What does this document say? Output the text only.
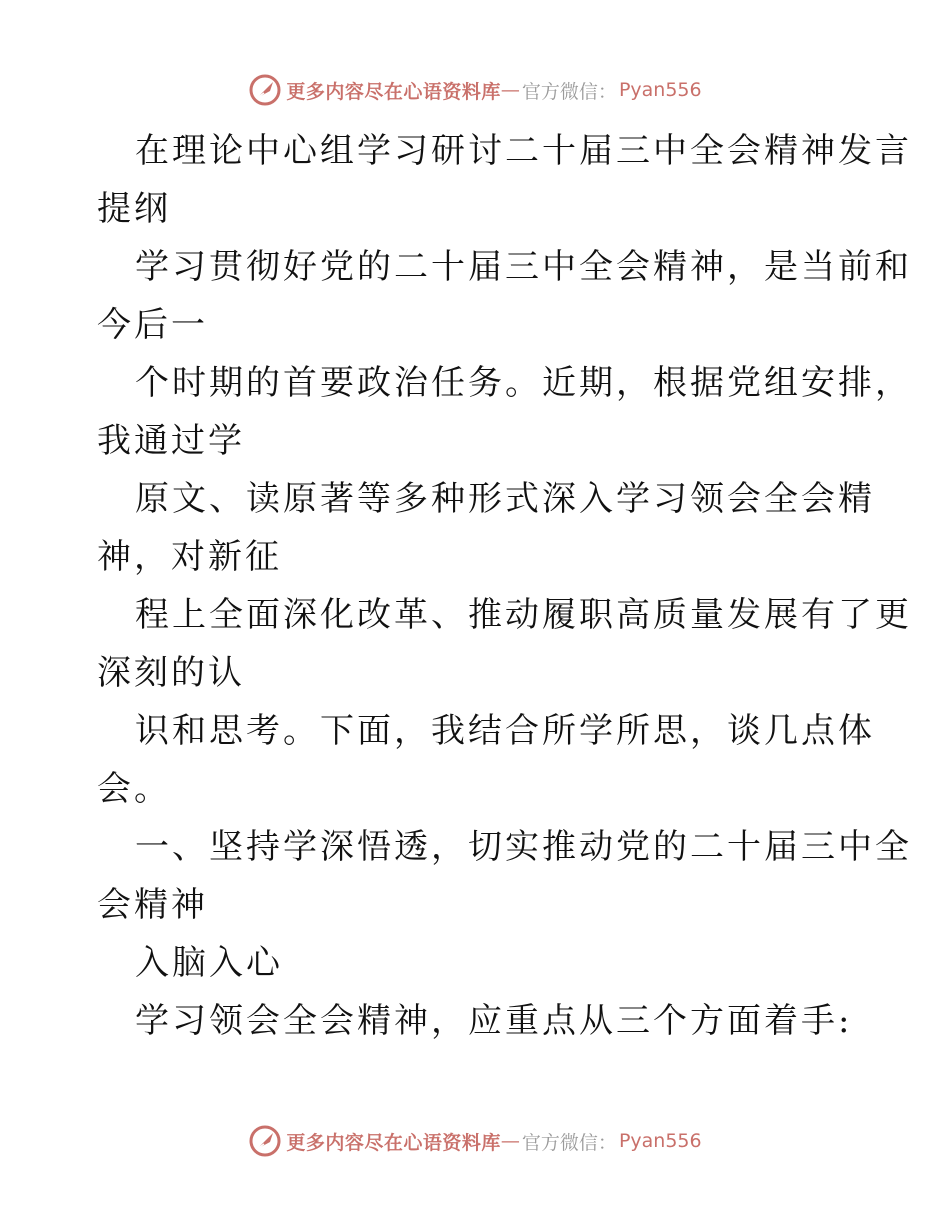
更多内容尽在心语资料库 — 官方微信： Pyan556
在理论中心组学习研讨二十届三中全会精神发言
提纲
学习贯彻好党的二十届三中全会精神，是当前和
今后一
个时期的首要政治任务。近期，根据党组安排，
我通过学
原文、读原著等多种形式深入学习领会全会精
神，对新征
程上全面深化改革、推动履职高质量发展有了更
深刻的认
识和思考。下面，我结合所学所思，谈几点体
会。
一、坚持学深悟透，切实推动党的二十届三中全
会精神
入脑入心
学习领会全会精神，应重点从三个方面着手:
更多内容尽在心语资料库 — 官方微信： Pyan556
